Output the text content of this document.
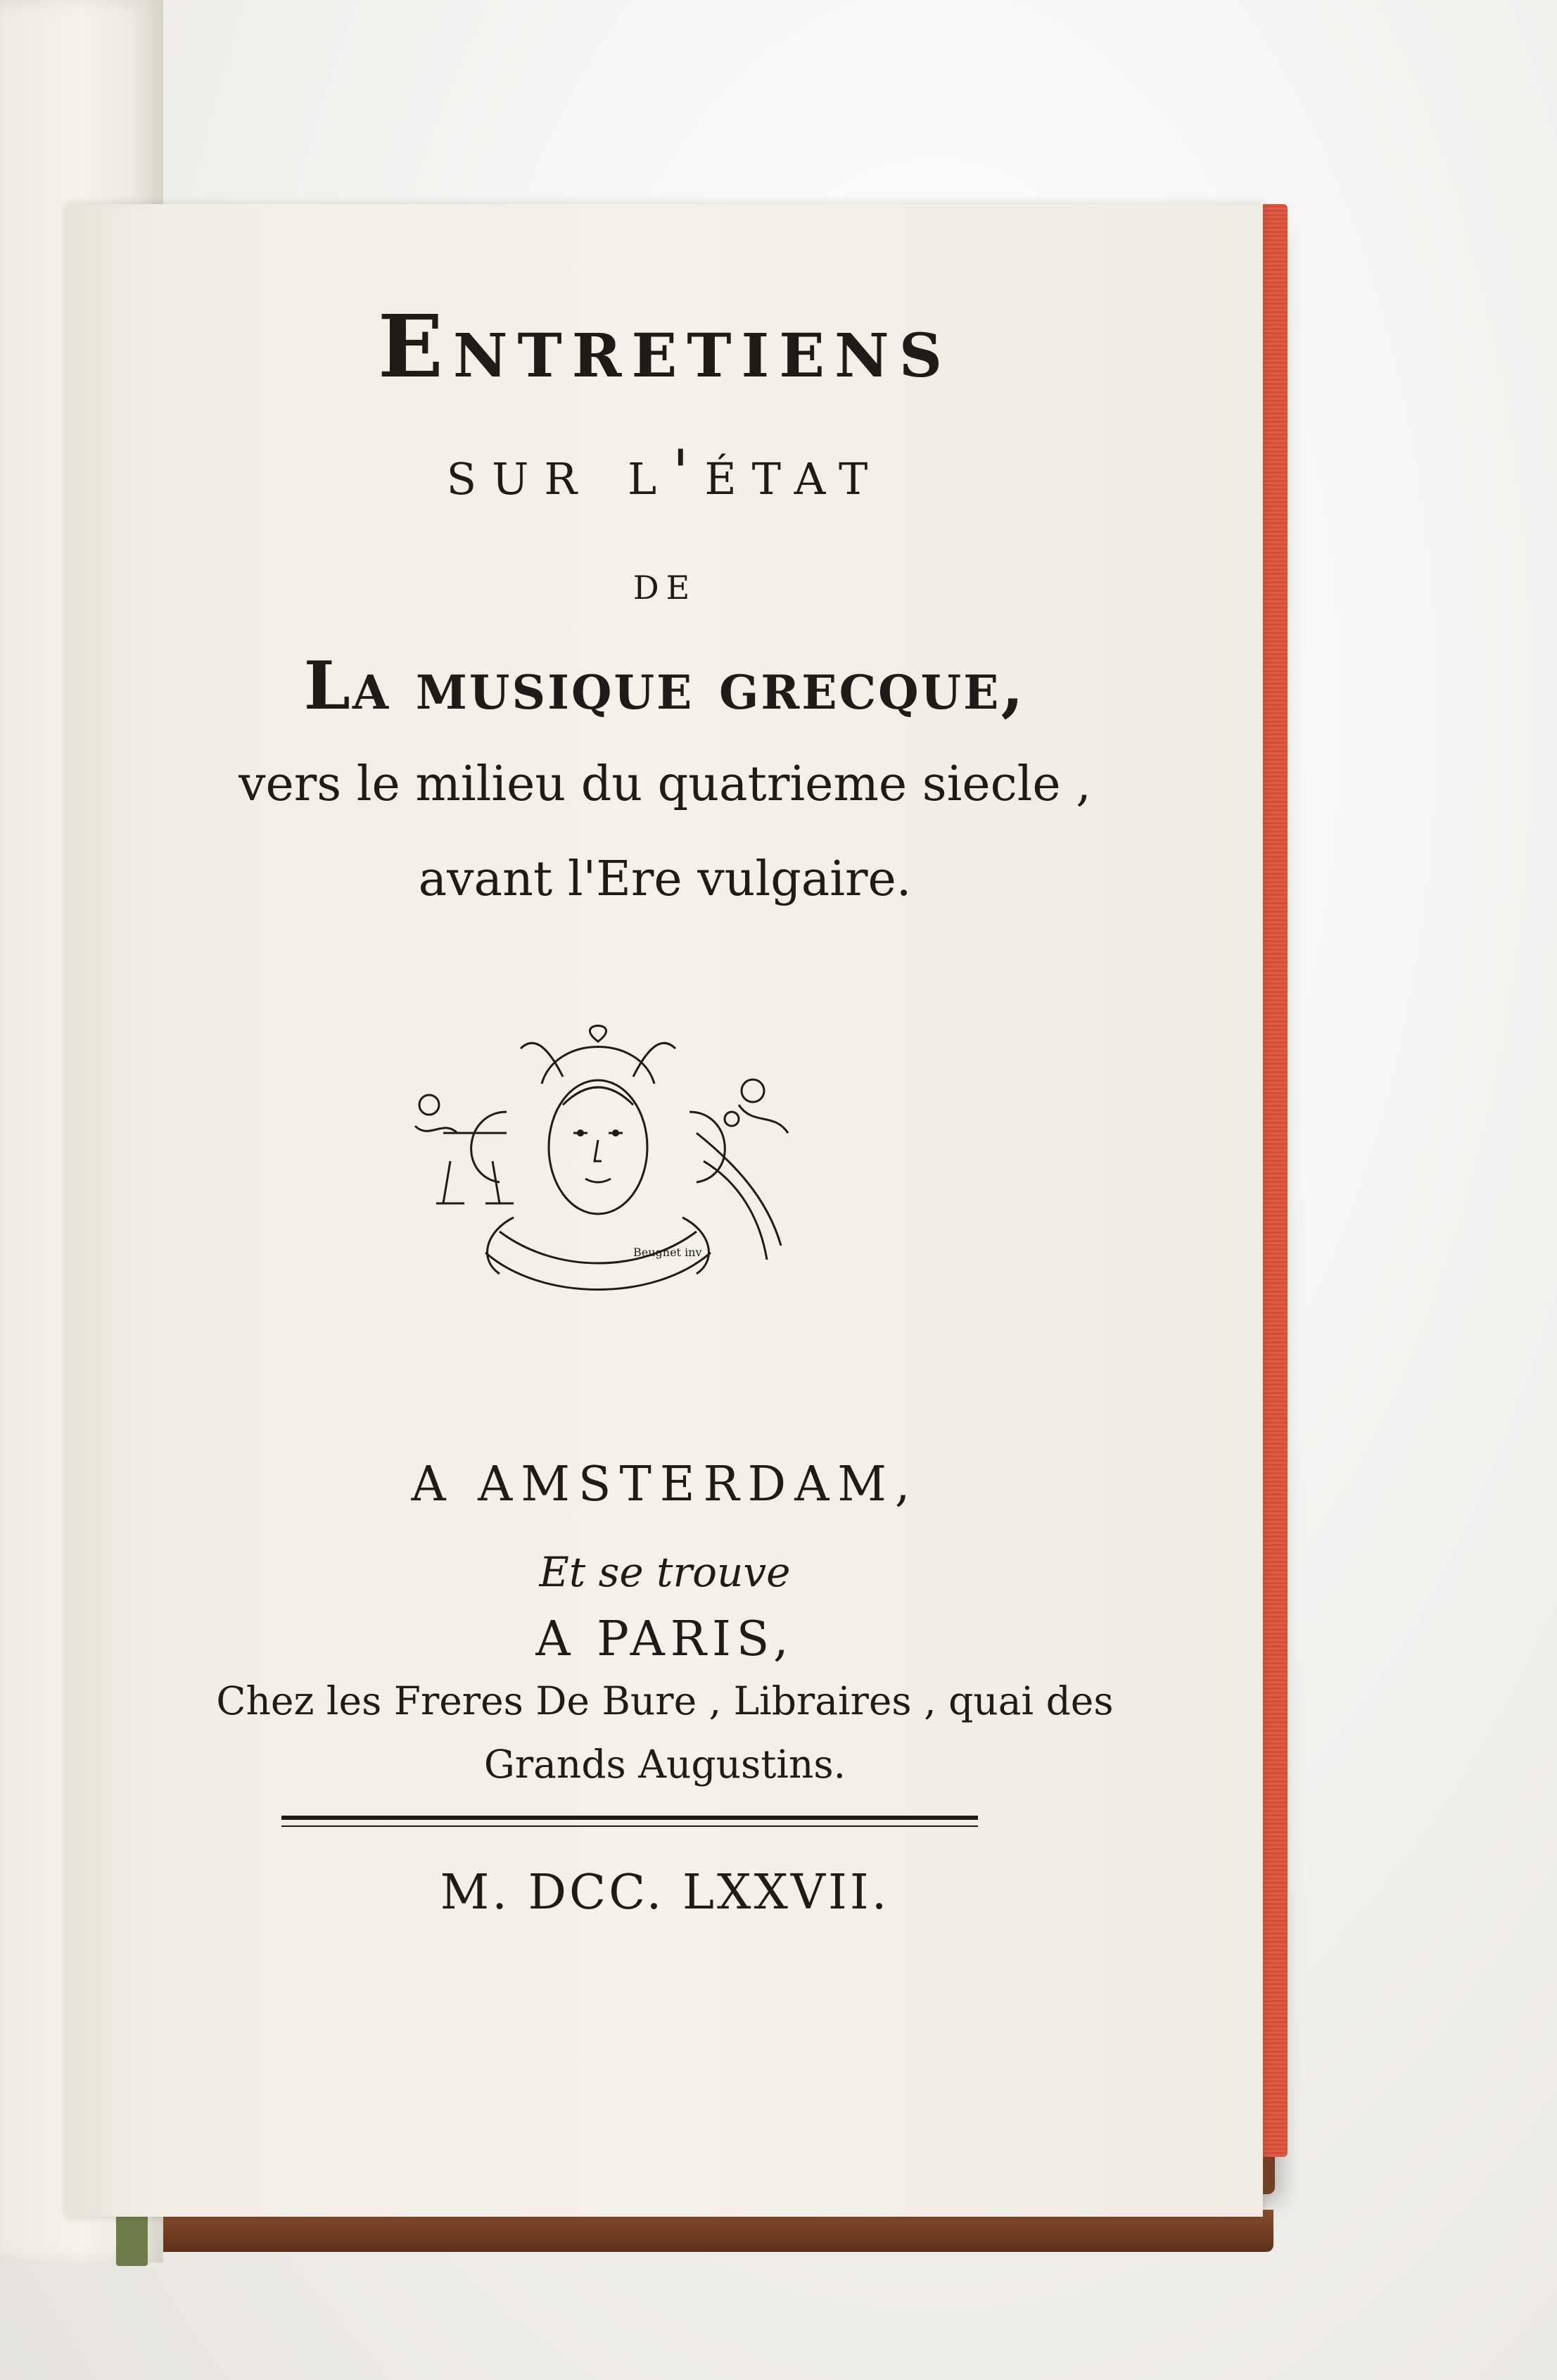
Entretiens
sur l'état
de
La musique grecque,
vers le milieu du quatrieme siecle ,
avant l'Ere vulgaire.
Beugnet inv
A AMSTERDAM,
Et se trouve
A PARIS,
Chez les Freres De Bure , Libraires , quai des
Grands Augustins.
M. DCC. LXXVII.
